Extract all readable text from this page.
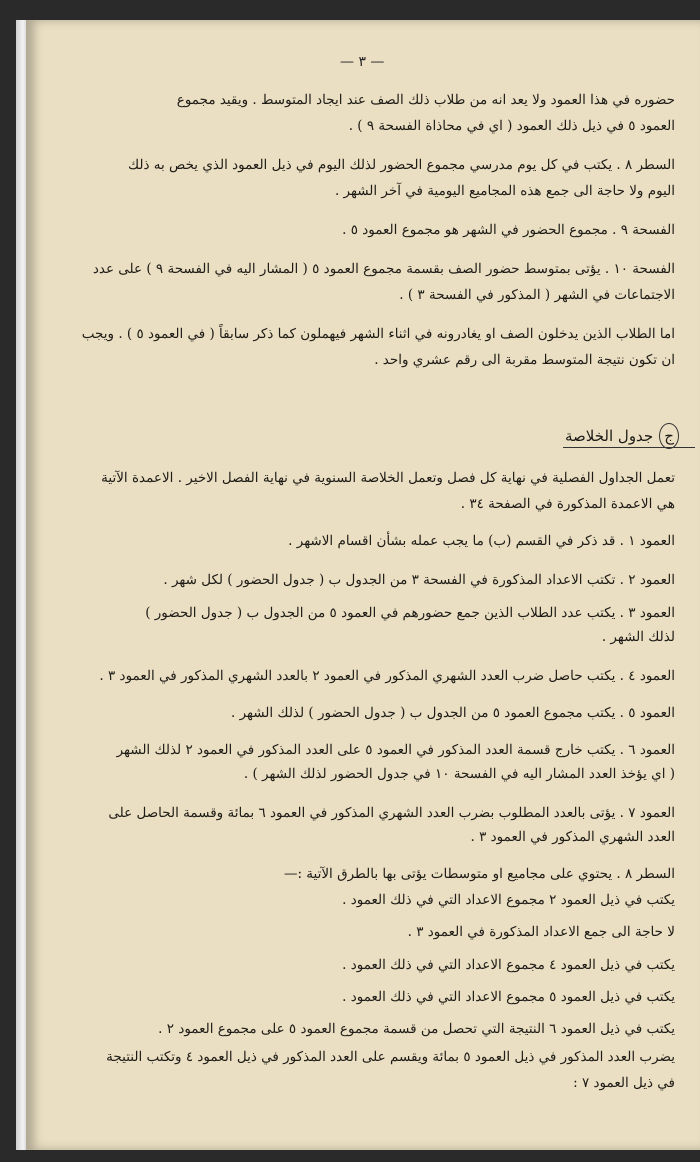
— ٣ —
حضوره في هذا العمود ولا يعد انه من طلاب ذلك الصف عند ايجاد المتوسط . ويقيد مجموع
العمود ٥ في ذيل ذلك العمود ( اي في محاذاة الفسحة ٩ ) .
السطر ٨ . يكتب في كل يوم مدرسي مجموع الحضور لذلك اليوم في ذيل العمود الذي يخص به ذلك
اليوم ولا حاجة الى جمع هذه المجاميع اليومية في آخر الشهر .
الفسحة ٩ . مجموع الحضور في الشهر هو مجموع العمود ٥ .
الفسحة ١٠ . يؤتى بمتوسط حضور الصف بقسمة مجموع العمود ٥ ( المشار اليه في الفسحة ٩ ) على عدد
الاجتماعات في الشهر ( المذكور في الفسحة ٣ ) .
اما الطلاب الذين يدخلون الصف او يغادرونه في اثناء الشهر فيهملون كما ذكر سابقاً ( في العمود ٥ ) . ويجب
ان تكون نتيجة المتوسط مقربة الى رقم عشري واحد .
تعمل الجداول الفصلية في نهاية كل فصل وتعمل الخلاصة السنوية في نهاية الفصل الاخير . الاعمدة الآتية
هي الاعمدة المذكورة في الصفحة ٣٤ .
العمود ١ . قد ذكر في القسم (ب) ما يجب عمله بشأن اقسام الاشهر .
العمود ٢ . تكتب الاعداد المذكورة في الفسحة ٣ من الجدول ب ( جدول الحضور ) لكل شهر .
العمود ٣ . يكتب عدد الطلاب الذين جمع حضورهم في العمود ٥ من الجدول ب ( جدول الحضور )
لذلك الشهر .
العمود ٤ . يكتب حاصل ضرب العدد الشهري المذكور في العمود ٢ بالعدد الشهري المذكور في العمود ٣ .
العمود ٥ . يكتب مجموع العمود ٥ من الجدول ب ( جدول الحضور ) لذلك الشهر .
العمود ٦ . يكتب خارج قسمة العدد المذكور في العمود ٥ على العدد المذكور في العمود ٢ لذلك الشهر
( اي يؤخذ العدد المشار اليه في الفسحة ١٠ في جدول الحضور لذلك الشهر ) .
العمود ٧ . يؤتى بالعدد المطلوب بضرب العدد الشهري المذكور في العمود ٦ بمائة وقسمة الحاصل على
العدد الشهري المذكور في العمود ٣ .
السطر ٨ . يحتوي على مجاميع او متوسطات يؤتى بها بالطرق الآتية :—
يكتب في ذيل العمود ٢ مجموع الاعداد التي في ذلك العمود .
لا حاجة الى جمع الاعداد المذكورة في العمود ٣ .
يكتب في ذيل العمود ٤ مجموع الاعداد التي في ذلك العمود .
يكتب في ذيل العمود ٥ مجموع الاعداد التي في ذلك العمود .
يكتب في ذيل العمود ٦ النتيجة التي تحصل من قسمة مجموع العمود ٥ على مجموع العمود ٢ .
يضرب العدد المذكور في ذيل العمود ٥ بمائة ويقسم على العدد المذكور في ذيل العمود ٤ وتكتب النتيجة
في ذيل العمود ٧ :
ججدول الخلاصة
